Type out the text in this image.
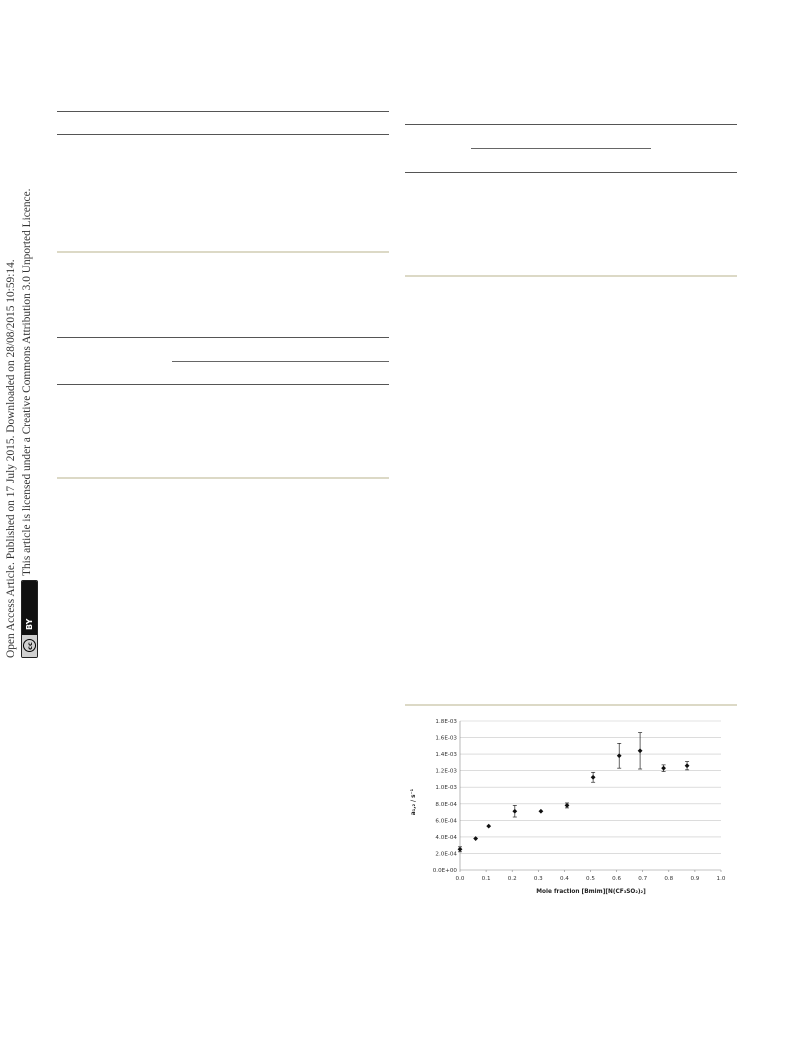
Open Access Article. Published on 17 July 2015. Downloaded on 28/08/2015 10:59:14.	cc
BY
This article is licensed under a Creative Commons Attribution 3.0 Unported Licence.
0.0E+00
2.0E-04
4.0E-04
6.0E-04
8.0E-04
1.0E-03
1.2E-03
1.4E-03
1.6E-03
1.8E-03
0.0	0.1	0.2	0.3	0.4	0.5	0.6	0.7	0.8	0.9	1.0
a₁,₂ / s⁻¹
Mole fraction [Bmim][N(CF₃SO₂)₂]
